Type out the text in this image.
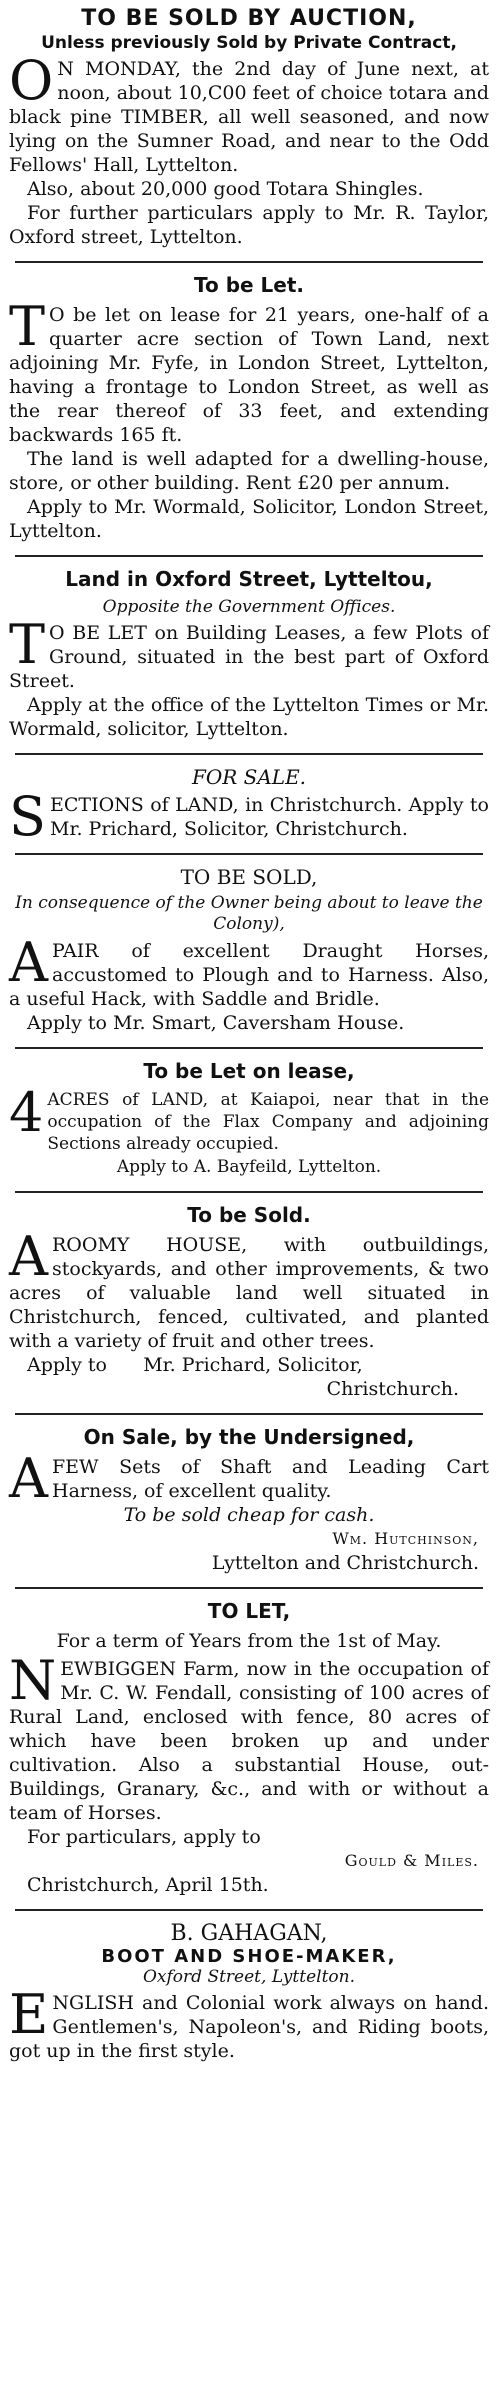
TO BE SOLD BY AUCTION,
Unless previously Sold by Private Contract,

O N MONDAY, the 2nd day of June next, at noon, about 10,C00 feet of choice totara and black pine TIMBER, all well seasoned, and now lying on the Sumner Road, and near to the Odd Fellows' Hall, Lyttelton.

Also, about 20,000 good Totara Shingles.

For further particulars apply to Mr. R. Taylor, Oxford street, Lyttelton.

To be Let.

T O be let on lease for 21 years, one-half of a quarter acre section of Town Land, next adjoining Mr. Fyfe, in London Street, Lyttelton, having a frontage to London Street, as well as the rear thereof of 33 feet, and extending backwards 165 ft.

The land is well adapted for a dwelling-house, store, or other building. Rent £20 per annum.

Apply to Mr. Wormald, Solicitor, London Street, Lyttelton.

Land in Oxford Street, Lytteltou,
Opposite the Government Offices.

T O BE LET on Building Leases, a few Plots of Ground, situated in the best part of Oxford Street.

Apply at the office of the Lyttelton Times or Mr. Wormald, solicitor, Lyttelton.

FOR SALE.

SECTIONS of LAND, in Christchurch. Apply to Mr. Prichard, Solicitor, Christchurch.

TO BE SOLD,
In consequence of the Owner being about to leave the Colony),

APAIR of excellent Draught Horses, accustomed to Plough and to Harness. Also, a useful Hack, with Saddle and Bridle.

Apply to Mr. Smart, Caversham House.

To be Let on lease,

4 ACRES of LAND, at Kaiapoi, near that in the occupation of the Flax Company and adjoining Sections already occupied.

Apply to A. Bayfeild, Lyttelton.

To be Sold.

AROOMY HOUSE, with outbuildings, stockyards, and other improvements, & two acres of valuable land well situated in Christchurch, fenced, cultivated, and planted with a variety of fruit and other trees.

Apply to      Mr. Prichard, Solicitor,

Christchurch.

On Sale, by the Undersigned,

AFEW Sets of Shaft and Leading Cart Harness, of excellent quality.

To be sold cheap for cash.

Wm. Hutchinson,

Lyttelton and Christchurch.

TO LET,

For a term of Years from the 1st of May.

NEWBIGGEN Farm, now in the occupation of Mr. C. W. Fendall, consisting of 100 acres of Rural Land, enclosed with fence, 80 acres of which have been broken up and under cultivation. Also a substantial House, out-Buildings, Granary, &c., and with or without a team of Horses.

For particulars, apply to

Gould & Miles.

Christchurch, April 15th.

B. GAHAGAN,
BOOT AND SHOE-MAKER,
Oxford Street, Lyttelton.

ENGLISH and Colonial work always on hand. Gentlemen's, Napoleon's, and Riding boots, got up in the first style.
